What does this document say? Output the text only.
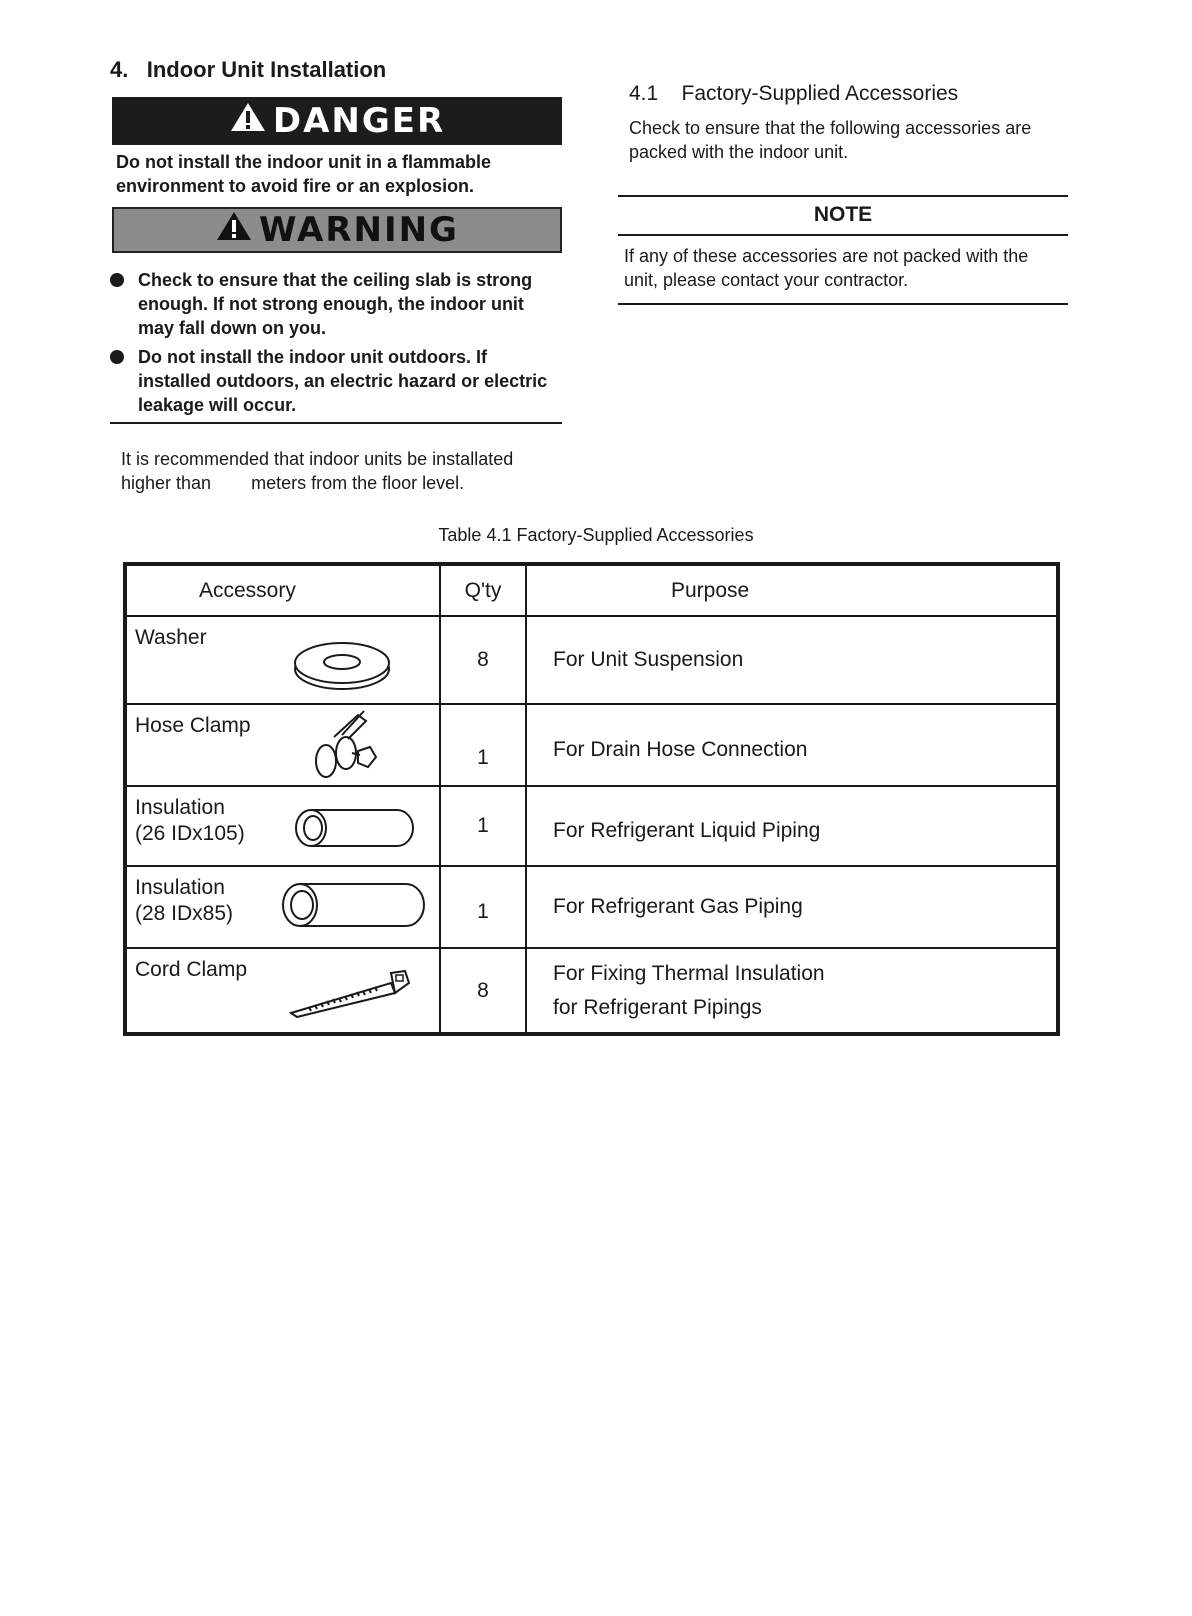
4. Indoor Unit Installation
DANGER
Do not install the indoor unit in a flammable environment to avoid fire or an explosion.
WARNING
Check to ensure that the ceiling slab is strong enough. If not strong enough, the indoor unit may fall down on you.
Do not install the indoor unit outdoors. If installed outdoors, an electric hazard or electric leakage will occur.
It is recommended that indoor units be installated
higher than        meters from the floor level.
4.1 Factory-Supplied Accessories
Check to ensure that the following accessories are packed with the indoor unit.
NOTE
If any of these accessories are not packed with the unit, please contact your contractor.
Table 4.1 Factory-Supplied Accessories
Accessory	Q'ty	Purpose

Washer	8	For Unit Suspension

Hose Clamp	1	For Drain Hose Connection

Insulation
(26 IDx105)	1	For Refrigerant Liquid Piping

Insulation
(28 IDx85)	1	For Refrigerant Gas Piping

Cord Clamp	8	For Fixing Thermal Insulation
for Refrigerant Pipings
